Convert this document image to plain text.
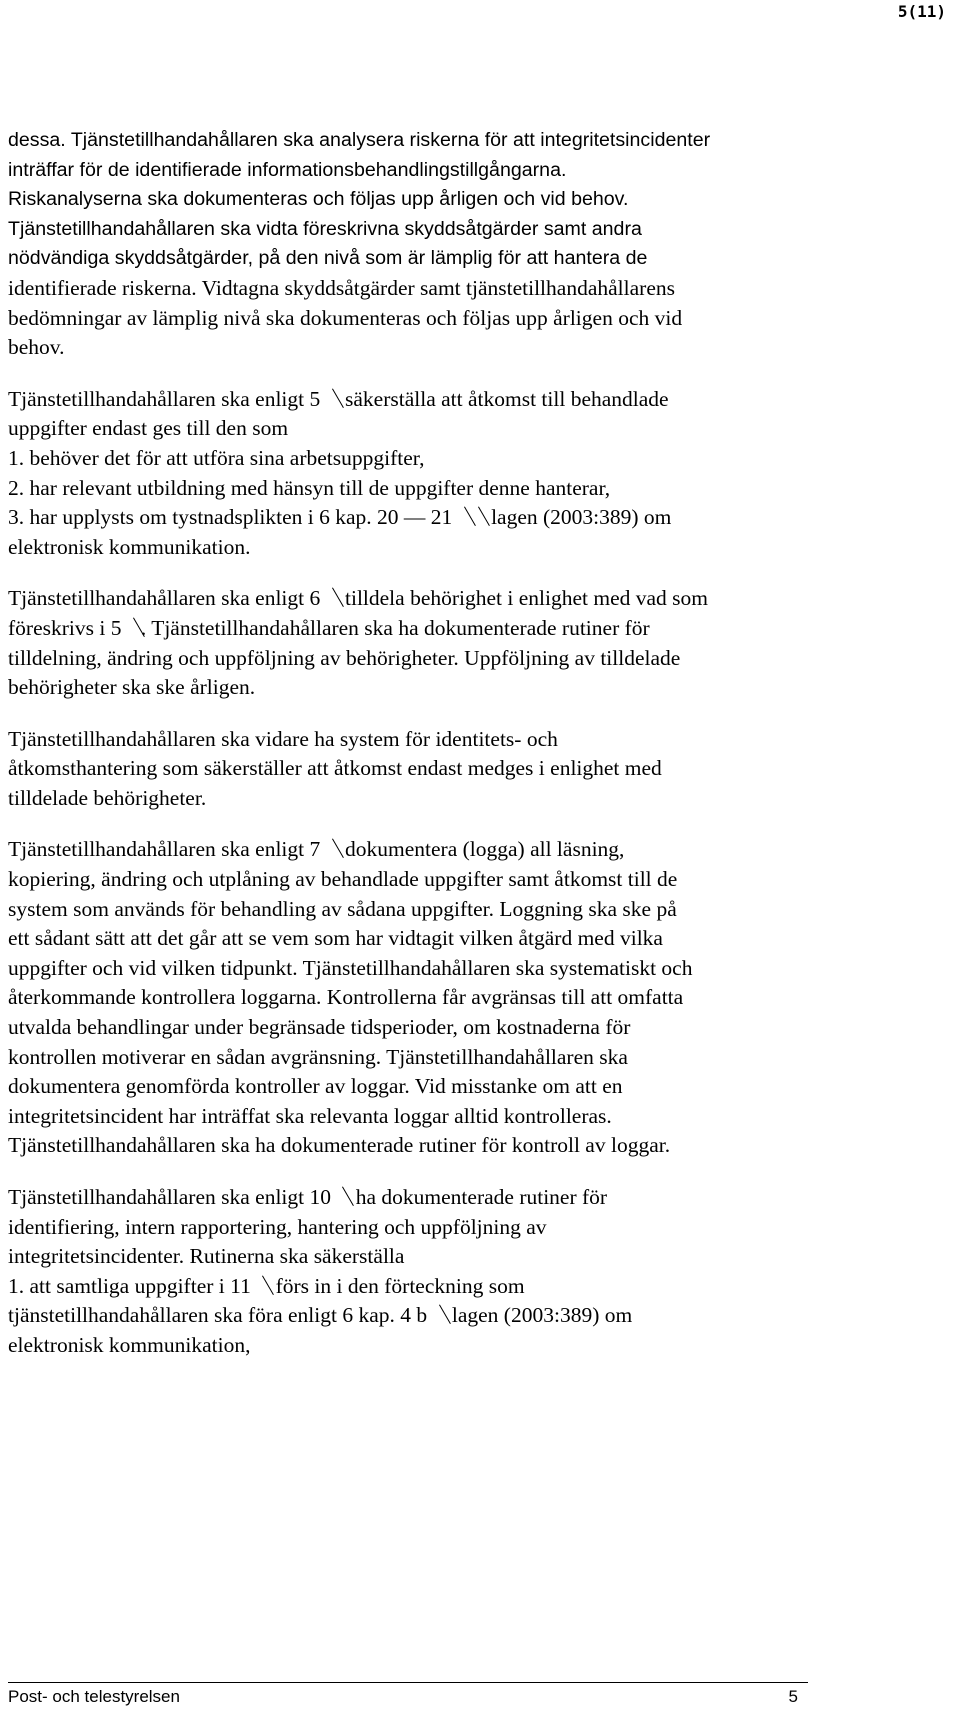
5(11)

dessa. Tjänstetillhandahållaren ska analysera riskerna för att integritetsincidenter
inträffar för de identifierade informationsbehandlingstillgångarna.
Riskanalyserna ska dokumenteras och följas upp årligen och vid behov.
Tjänstetillhandahållaren ska vidta föreskrivna skyddsåtgärder samt andra
nödvändiga skyddsåtgärder, på den nivå som är lämplig för att hantera de
identifierade riskerna. Vidtagna skyddsåtgärder samt tjänstetillhandahållarens
bedömningar av lämplig nivå ska dokumenteras och följas upp årligen och vid
behov.

Tjänstetillhandahållaren ska enligt 5  säkerställa att åtkomst till behandlade
uppgifter endast ges till den som
1. behöver det för att utföra sina arbetsuppgifter,
2. har relevant utbildning med hänsyn till de uppgifter denne hanterar,
3. har upplysts om tystnadsplikten i 6 kap. 20 — 21  lagen (2003:389) om
elektronisk kommunikation.

Tjänstetillhandahållaren ska enligt 6  tilldela behörighet i enlighet med vad som
föreskrivs i 5 . Tjänstetillhandahållaren ska ha dokumenterade rutiner för
tilldelning, ändring och uppföljning av behörigheter. Uppföljning av tilldelade
behörigheter ska ske årligen.

Tjänstetillhandahållaren ska vidare ha system för identitets- och
åtkomsthantering som säkerställer att åtkomst endast medges i enlighet med
tilldelade behörigheter.

Tjänstetillhandahållaren ska enligt 7  dokumentera (logga) all läsning,
kopiering, ändring och utplåning av behandlade uppgifter samt åtkomst till de
system som används för behandling av sådana uppgifter. Loggning ska ske på
ett sådant sätt att det går att se vem som har vidtagit vilken åtgärd med vilka
uppgifter och vid vilken tidpunkt. Tjänstetillhandahållaren ska systematiskt och
återkommande kontrollera loggarna. Kontrollerna får avgränsas till att omfatta
utvalda behandlingar under begränsade tidsperioder, om kostnaderna för
kontrollen motiverar en sådan avgränsning. Tjänstetillhandahållaren ska
dokumentera genomförda kontroller av loggar. Vid misstanke om att en
integritetsincident har inträffat ska relevanta loggar alltid kontrolleras.
Tjänstetillhandahållaren ska ha dokumenterade rutiner för kontroll av loggar.

Tjänstetillhandahållaren ska enligt 10  ha dokumenterade rutiner för
identifiering, intern rapportering, hantering och uppföljning av
integritetsincidenter. Rutinerna ska säkerställa
1. att samtliga uppgifter i 11  förs in i den förteckning som
tjänstetillhandahållaren ska föra enligt 6 kap. 4 b  lagen (2003:389) om
elektronisk kommunikation,

Post- och telestyrelsen	5
